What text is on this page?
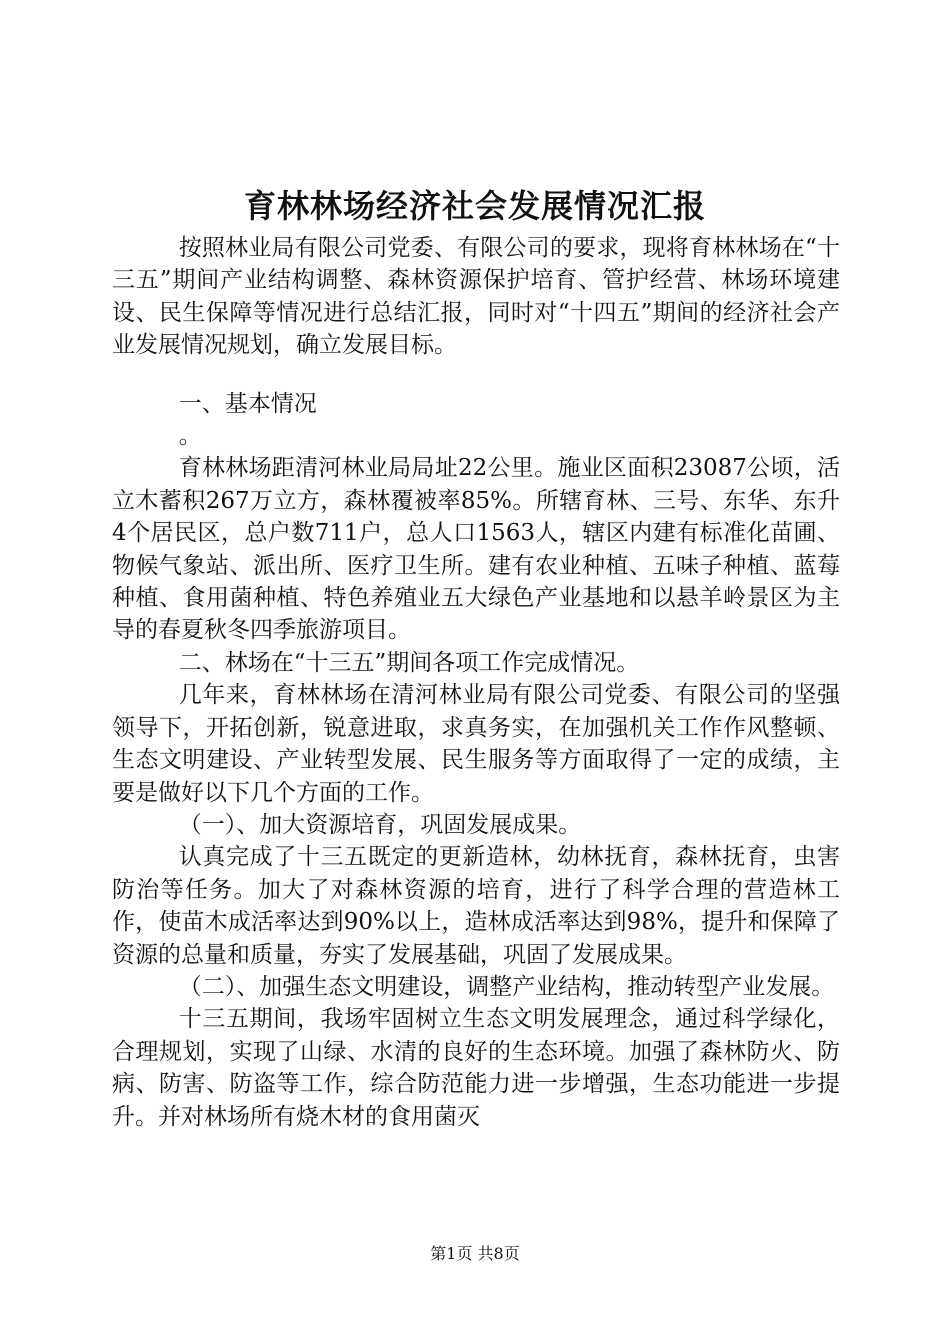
育林林场经济社会发展情况汇报

按照林业局有限公司党委、有限公司的要求，现将育林林场在“十三五”期间产业结构调整、森林资源保护培育、管护经营、林场环境建设、民生保障等情况进行总结汇报，同时对“十四五”期间的经济社会产业发展情况规划，确立发展目标。

一、基本情况

。

育林林场距清河林业局局址22公里。施业区面积23087公顷，活立木蓄积267万立方，森林覆被率85%。所辖育林、三号、东华、东升4个居民区，总户数711户，总人口1563人，辖区内建有标准化苗圃、物候气象站、派出所、医疗卫生所。建有农业种植、五味子种植、蓝莓种植、食用菌种植、特色养殖业五大绿色产业基地和以悬羊岭景区为主导的春夏秋冬四季旅游项目。

二、林场在“十三五”期间各项工作完成情况。

几年来，育林林场在清河林业局有限公司党委、有限公司的坚强领导下，开拓创新，锐意进取，求真务实，在加强机关工作作风整顿、生态文明建设、产业转型发展、民生服务等方面取得了一定的成绩，主要是做好以下几个方面的工作。

（一）、加大资源培育，巩固发展成果。

认真完成了十三五既定的更新造林，幼林抚育，森林抚育，虫害防治等任务。加大了对森林资源的培育，进行了科学合理的营造林工作，使苗木成活率达到90%以上，造林成活率达到98%，提升和保障了资源的总量和质量，夯实了发展基础，巩固了发展成果。

（二）、加强生态文明建设，调整产业结构，推动转型产业发展。

十三五期间，我场牢固树立生态文明发展理念，通过科学绿化，合理规划，实现了山绿、水清的良好的生态环境。加强了森林防火、防病、防害、防盗等工作，综合防范能力进一步增强，生态功能进一步提升。并对林场所有烧木材的食用菌灭

第1页 共8页
